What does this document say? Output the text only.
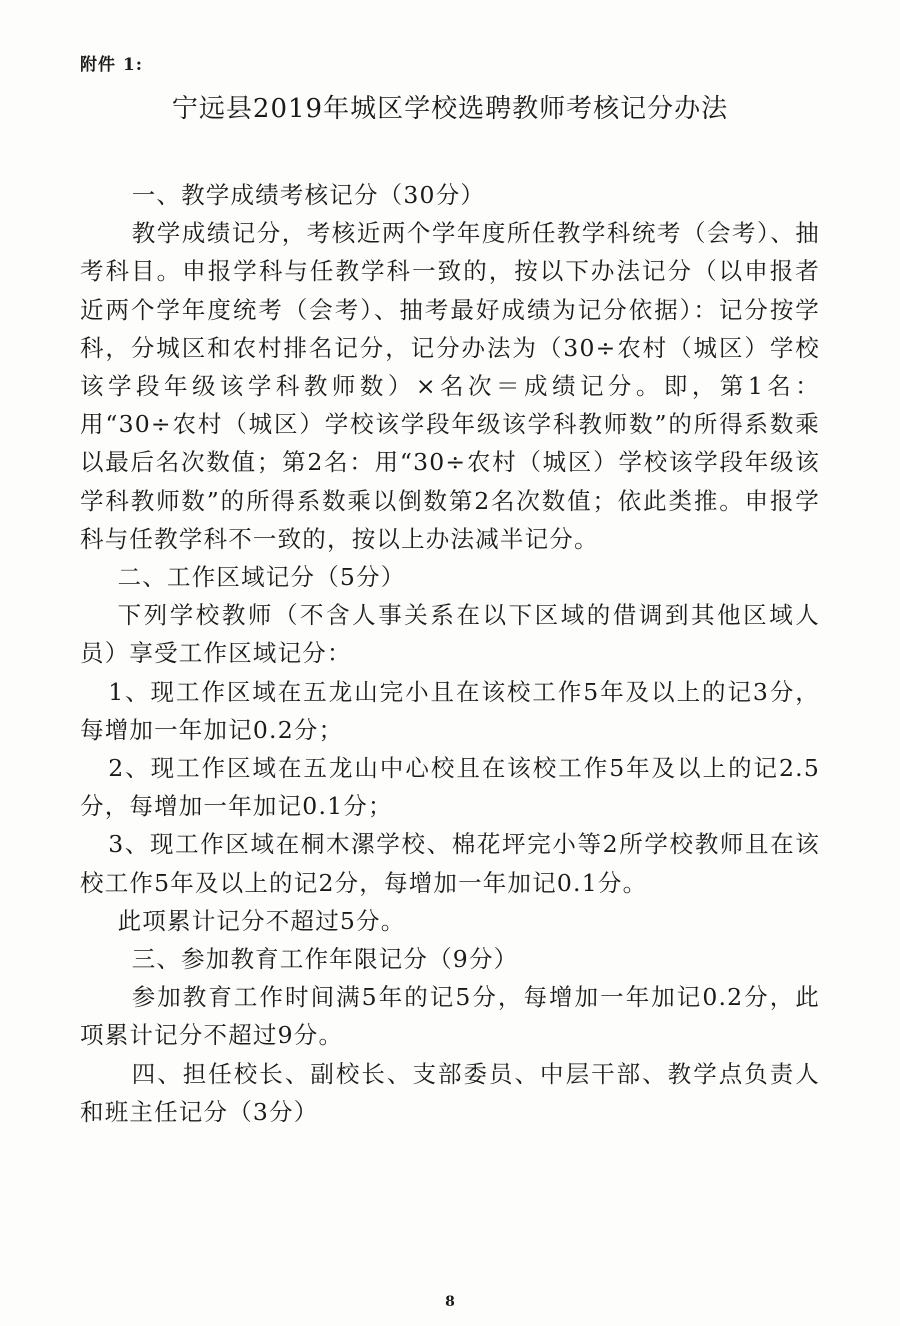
附件 1:
宁远县2019年城区学校选聘教师考核记分办法

一、教学成绩考核记分（30分）

教学成绩记分，考核近两个学年度所任教学科统考（会考）、抽考科目。申报学科与任教学科一致的，按以下办法记分（以申报者近两个学年度统考（会考）、抽考最好成绩为记分依据）：记分按学科，分城区和农村排名记分，记分办法为（30÷农村（城区）学校该学段年级该学科教师数）×名次＝成绩记分。即，第1名：用“30÷农村（城区）学校该学段年级该学科教师数”的所得系数乘以最后名次数值；第2名：用“30÷农村（城区）学校该学段年级该学科教师数”的所得系数乘以倒数第2名次数值；依此类推。申报学科与任教学科不一致的，按以上办法减半记分。

二、工作区域记分（5分）

下列学校教师（不含人事关系在以下区域的借调到其他区域人员）享受工作区域记分：

1、现工作区域在五龙山完小且在该校工作5年及以上的记3分，每增加一年加记0.2分；

2、现工作区域在五龙山中心校且在该校工作5年及以上的记2.5分，每增加一年加记0.1分；

3、现工作区域在桐木漯学校、棉花坪完小等2所学校教师且在该校工作5年及以上的记2分，每增加一年加记0.1分。

此项累计记分不超过5分。

三、参加教育工作年限记分（9分）

参加教育工作时间满5年的记5分，每增加一年加记0.2分，此项累计记分不超过9分。

四、担任校长、副校长、支部委员、中层干部、教学点负责人和班主任记分（3分）

8
